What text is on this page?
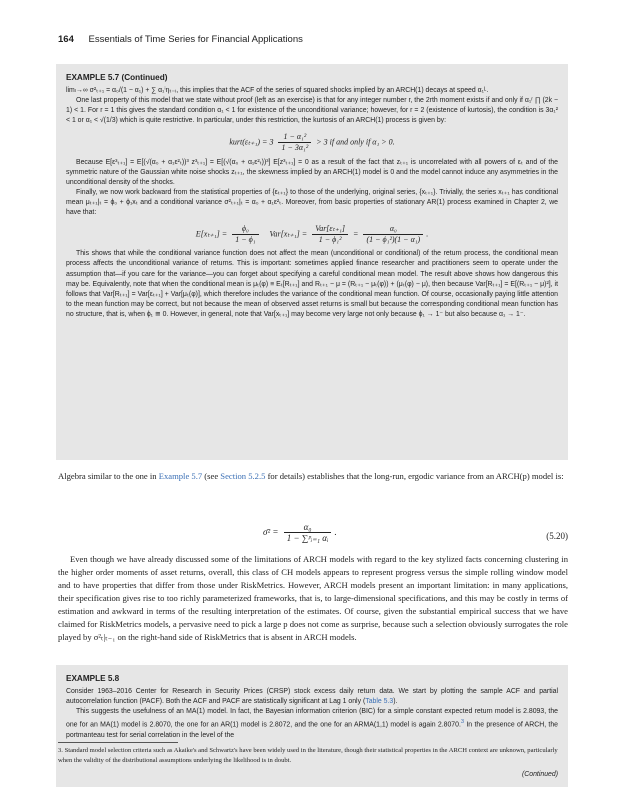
164 Essentials of Time Series for Financial Applications
EXAMPLE 5.7 (Continued)

limₗ→∞ σ²ₜ₊₁ = α₀/(1 − α₁) + ∑ α₁ⁱηₜ₋ᵢ, this implies that the ACF of the series of squared shocks implied by an ARCH(1) decays at speed α₁ᴸ.

One last property of this model that we state without proof (left as an exercise) is that for any integer number r, the 2rth moment exists if and only if α₁ʳ ∏ (2k − 1) < 1. For r = 1 this gives the standard condition α₁ < 1 for existence of the unconditional variance; however, for r = 2 (existence of kurtosis), the condition is 3α₁² < 1 or α₁ < √(1/3) which is quite restrictive. In particular, under this restriction, the kurtosis of an ARCH(1) process is given by:

kurt(εₜ₊₁) = $3 \frac{\text{1 − α₁²}}{\text{1 − 3α₁²}} > 3$ if and only if α₁ > 0.

Because E[ε³ₜ₊₁] = E[(√(α₀ + α₁ε²ₜ))³ z³ₜ₊₁] = E[(√(α₀ + α₁ε²ₜ))³] E[z³ₜ₊₁] = 0 as a result of the fact that zₜ₊₁ is uncorrelated with all powers of εₜ and of the symmetric nature of the Gaussian white noise shocks zₜ₊₁, the skewness implied by an ARCH(1) model is 0 and the model cannot induce any asymmetries in the unconditional density of the shocks.

Finally, we now work backward from the statistical properties of {εₜ₊₁} to those of the underlying, original series, {xₜ₊₁}. Trivially, the series xₜ₊₁ has conditional mean μₜ₊₁|ₜ = ϕ₀ + ϕ₁xₜ and a conditional variance σ²ₜ₊₁|ₜ = α₀ + α₁ε²ₜ. Moreover, from basic properties of stationary AR(1) process examined in Chapter 2, we have that:

$E[x_{t+1}] = \frac{\text{ϕ₀}}{\text{1 − ϕ₁}} Var[x_{t+1}] = \frac{\text{Var[εₜ₊₁]}}{\text{1 − ϕ₁²}} = \frac{\text{α₀}}{\text{(1 − ϕ₁²)(1 − α₁)}}$ .

This shows that while the conditional variance function does not affect the mean (unconditional or conditional) of the return process, the conditional mean process affects the unconditional variance of returns. This is important: sometimes applied finance researcher and practitioners seem to operate under the assumption that—if you care for the variance—you can forget about specifying a careful conditional mean model. The result above shows how dangerous this may be. Equivalently, note that when the conditional mean is μₜ(φ) ≡ Eₜ[Rₜ₊₁] and Rₜ₊₁ − μ = (Rₜ₊₁ − μₜ(φ)) + (μₜ(φ) − μ), then because Var[Rₜ₊₁] = E[(Rₜ₊₁ − μ)²], it follows that Var[Rₜ₊₁] = Var[εₜ₊₁] + Var[μₜ(φ)], which therefore includes the variance of the conditional mean function. Of course, occasionally paying little attention to the mean function may be correct, but not because the mean of observed asset returns is small but because the corresponding conditional mean function has no structure, that is, when ϕ₁ ≅ 0. However, in general, note that Var[xₜ₊₁] may become very large not only because ϕ₁ → 1⁻ but also because α₁ → 1⁻.

Algebra similar to the one in Example 5.7 (see Section 5.2.5 for details) establishes that the long-run, ergodic variance from an ARCH(p) model is:

σ̄² = $\frac{\text{α₀}}{\text{1 − ∑ᵖᵢ₌₁ αᵢ}}$ .	(5.20)

Even though we have already discussed some of the limitations of ARCH models with regard to the key stylized facts concerning clustering in the higher order moments of asset returns, overall, this class of CH models appears to represent progress versus the simple rolling window model and to have properties that differ from those under RiskMetrics. However, ARCH models present an important limitation: in many applications, their specification gives rise to too richly parameterized frameworks, that is, to large-dimensional specifications, and this may be costly in terms of estimation and awkward in terms of the resulting interpretation of the estimates. Of course, given the substantial empirical success that we have claimed for RiskMetrics models, a pervasive need to pick a large p does not come as surprise, because such a selection obviously surrogates the role played by σ²ₜ|ₜ₋₁ on the right-hand side of RiskMetrics that is absent in ARCH models.

EXAMPLE 5.8

Consider 1963–2016 Center for Research in Security Prices (CRSP) stock excess daily return data. We start by plotting the sample ACF and partial autocorrelation function (PACF). Both the ACF and PACF are statistically significant at Lag 1 only (Table 5.3).

This suggests the usefulness of an MA(1) model. In fact, the Bayesian information criterion (BIC) for a simple constant expected return model is 2.8093, the one for an MA(1) model is 2.8070, the one for an AR(1) model is 2.8072, and the one for an ARMA(1,1) model is again 2.8070.$^3$ In the presence of ARCH, the portmanteau test for serial correlation in the level of the

(Continued)
3. Standard model selection criteria such as Akaike's and Schwartz's have been widely used in the literature, though their statistical properties in the ARCH context are unknown, particularly when the validity of the distributional assumptions underlying the likelihood is in doubt.
